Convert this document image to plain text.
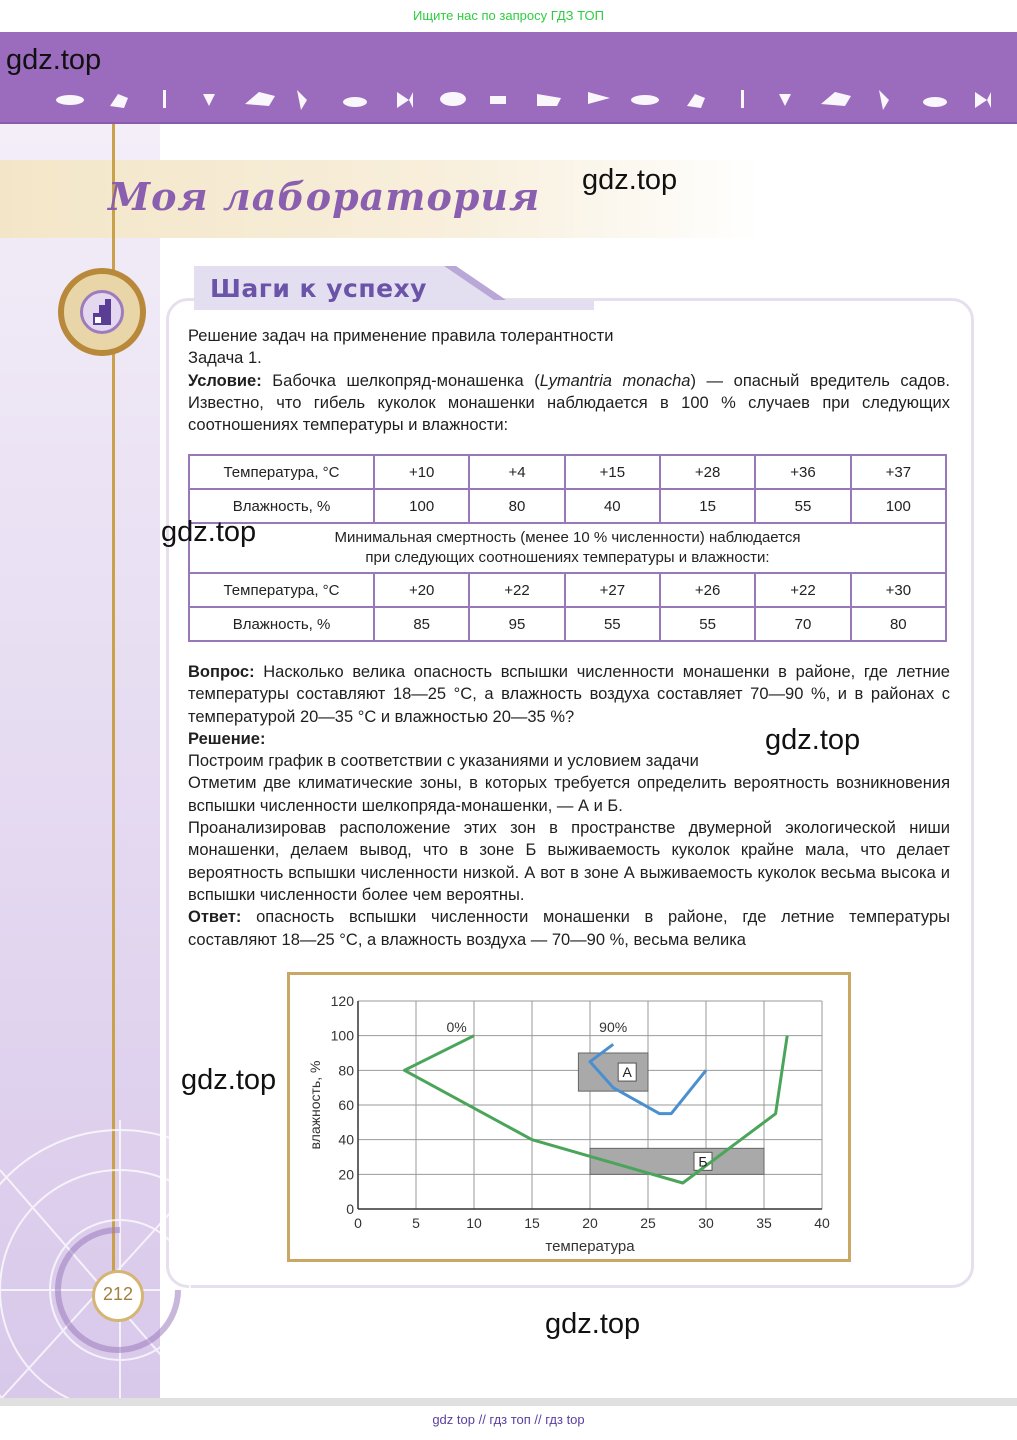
Ищите нас по запросу ГДЗ ТОП
gdz.top
Моя лаборатория gdz.top
Шаги к успеху
Решение задач на применение правила толерантности
Задача 1.
Условие: Бабочка шелкопряд-монашенка (Lymantria monacha) — опасный вредитель садов. Известно, что гибель куколок монашенки наблюдается в 100 % случаев при следующих соотношениях температуры и влажности:
Температура, °С	+10	+4	+15	+28	+36	+37
Влажность, %	100	80	40	15	55	100

Минимальная смертность (менее 10 % численности) наблюдается
при следующих соотношениях температуры и влажности:						

Температура, °С	+20	+22	+27	+26	+22	+30
Влажность, %	85	95	55	55	70	80
gdz.top
Вопрос: Насколько велика опасность вспышки численности монашенки в районе, где летние температуры составляют 18—25 °С, а влажность воздуха составляет 70—90 %, и в районах с температурой 20—35 °С и влажностью 20—35 %?
Решение:
Построим график в соответствии с указаниями и условием задачи
Отметим две климатические зоны, в которых требуется определить вероятность возникновения вспышки численности шелкопряда-монашенки, — А и Б.
Проанализировав расположение этих зон в пространстве двумерной экологической ниши монашенки, делаем вывод, что в зоне Б выживаемость куколок крайне мала, что делает вероятность вспышки численности низкой. А вот в зоне А выживаемость куколок весьма высока и вспышки численности более чем вероятны.
Ответ: опасность вспышки численности монашенки в районе, где летние температуры составляют 18—25 °С, а влажность воздуха — 70—90 %, весьма велика
gdz.top
0	5	10	15	20	25	30	35	40
0
20
40
60
80
100
120
А
Б
0%	90%
температура
влажность, %
gdz.top
212
gdz.top
gdz top // гдз топ // гдз top
